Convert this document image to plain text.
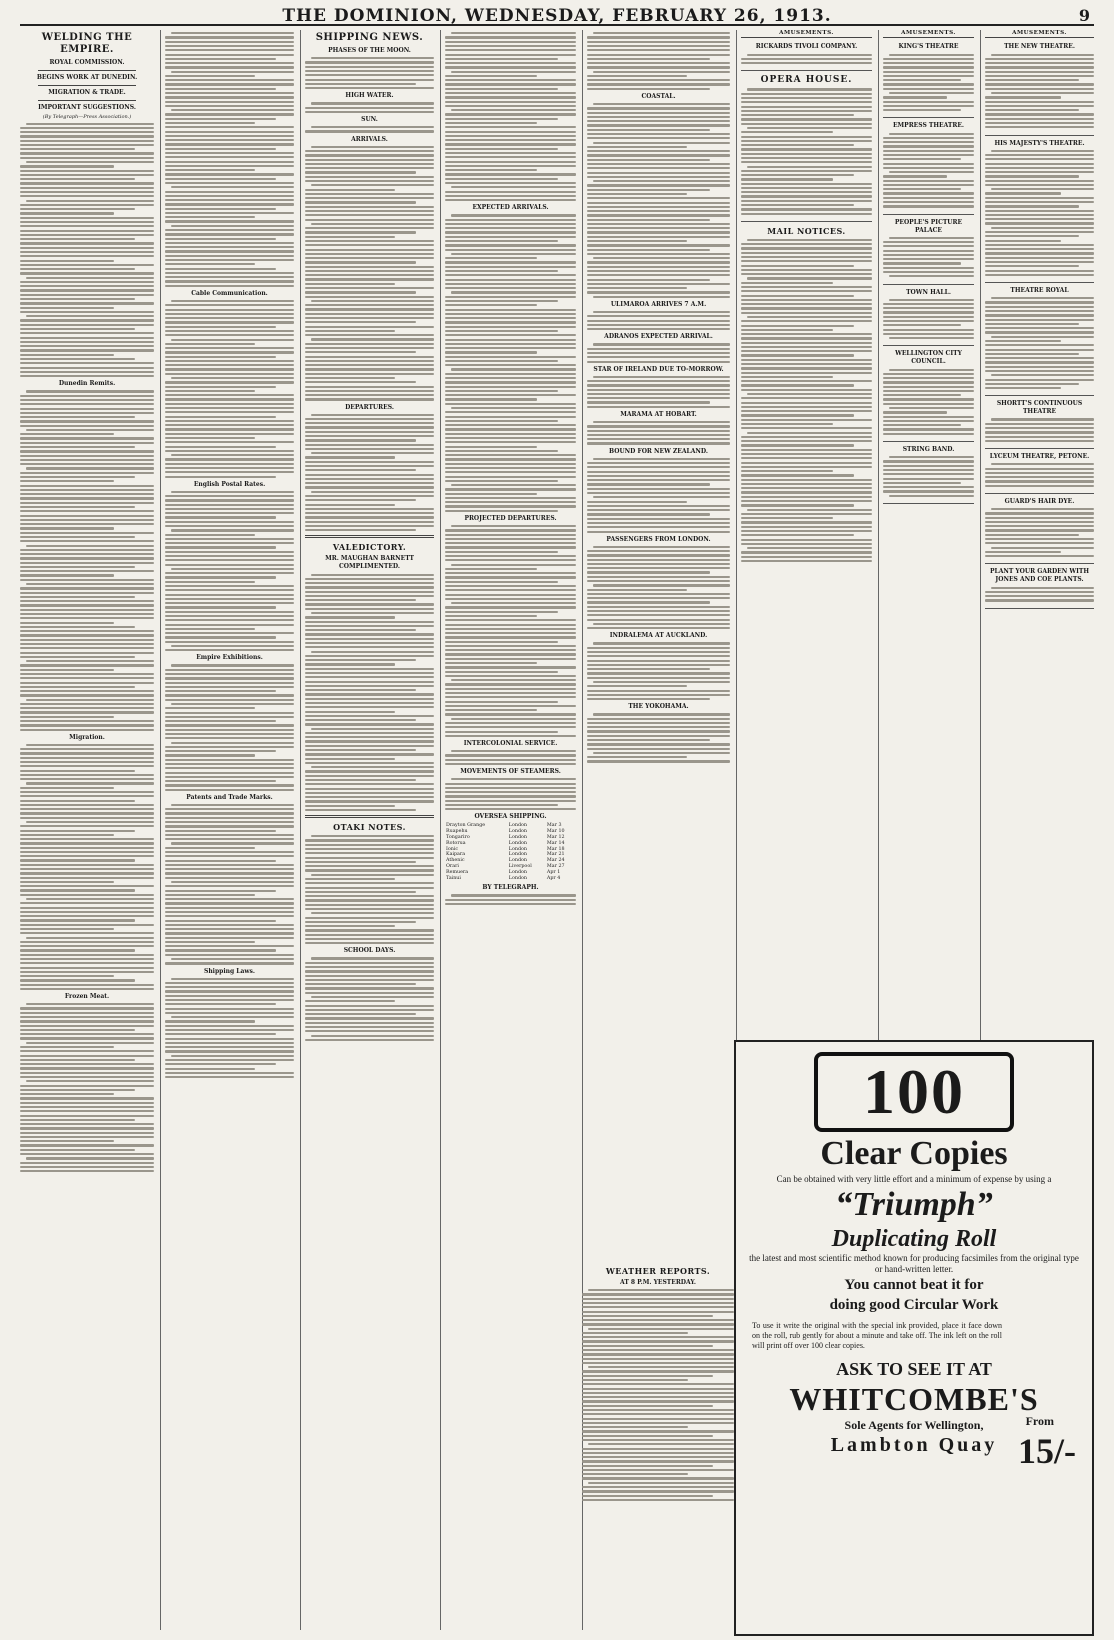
THE DOMINION, WEDNESDAY, FEBRUARY 26, 1913.	9
WELDING THE EMPIRE.
ROYAL COMMISSION.
BEGINS WORK AT DUNEDIN.
MIGRATION & TRADE.
IMPORTANT SUGGESTIONS.
(By Telegraph—Press Association.)
Dunedin Remits.
Migration.
Frozen Meat.
Cable Communication.
English Postal Rates.
Empire Exhibitions.
Patents and Trade Marks.
Shipping Laws.
SHIPPING NEWS.
PHASES OF THE MOON.
HIGH WATER.
SUN.
ARRIVALS.
DEPARTURES.
VALEDICTORY.
MR. MAUGHAN BARNETT COMPLIMENTED.
OTAKI NOTES.
SCHOOL DAYS.
EXPECTED ARRIVALS.
PROJECTED DEPARTURES.
INTERCOLONIAL SERVICE.
MOVEMENTS OF STEAMERS.
OVERSEA SHIPPING.
Drayton Grange	London	Mar 3
Ruapehu	London	Mar 10
Tongariro	London	Mar 12
Rotorua	London	Mar 14
Ionic	London	Mar 18
Kaipara	London	Mar 21
Athenic	London	Mar 24
Orari	Liverpool	Mar 27
Remuera	London	Apr 1
Tainui	London	Apr 4
BY TELEGRAPH.
COASTAL.
ULIMAROA ARRIVES 7 A.M.
ADRANOS EXPECTED ARRIVAL.
STAR OF IRELAND DUE TO-MORROW.
MARAMA AT HOBART.
BOUND FOR NEW ZEALAND.
PASSENGERS FROM LONDON.
INDRALEMA AT AUCKLAND.
THE YOKOHAMA.
AMUSEMENTS.
RICKARDS TIVOLI COMPANY.
OPERA HOUSE.
MAIL NOTICES.
AMUSEMENTS.
KING'S THEATRE
EMPRESS THEATRE.
PEOPLE'S PICTURE PALACE
TOWN HALL.
WELLINGTON CITY COUNCIL.
STRING BAND.
AMUSEMENTS.
THE NEW THEATRE.
HIS MAJESTY'S THEATRE.
THEATRE ROYAL
SHORTT'S CONTINUOUS THEATRE
LYCEUM THEATRE, PETONE.
GUARD'S HAIR DYE.
PLANT YOUR GARDEN WITH
JONES AND COE PLANTS.
WEATHER REPORTS.
AT 8 P.M. YESTERDAY.
100
Clear Copies
Can be obtained with very little effort and a minimum of expense by using a
“Triumph”
Duplicating Roll
the latest and most scientific method known for producing facsimiles from the original type or hand-written letter.
You cannot beat it for
doing good Circular Work
To use it write the original with the special ink provided, place it face down on the roll, rub gently for about a minute and take off. The ink left on the roll will print off over 100 clear copies.
From
15/-
ASK TO SEE IT AT
WHITCOMBE'S
Sole Agents for Wellington,
Lambton Quay
